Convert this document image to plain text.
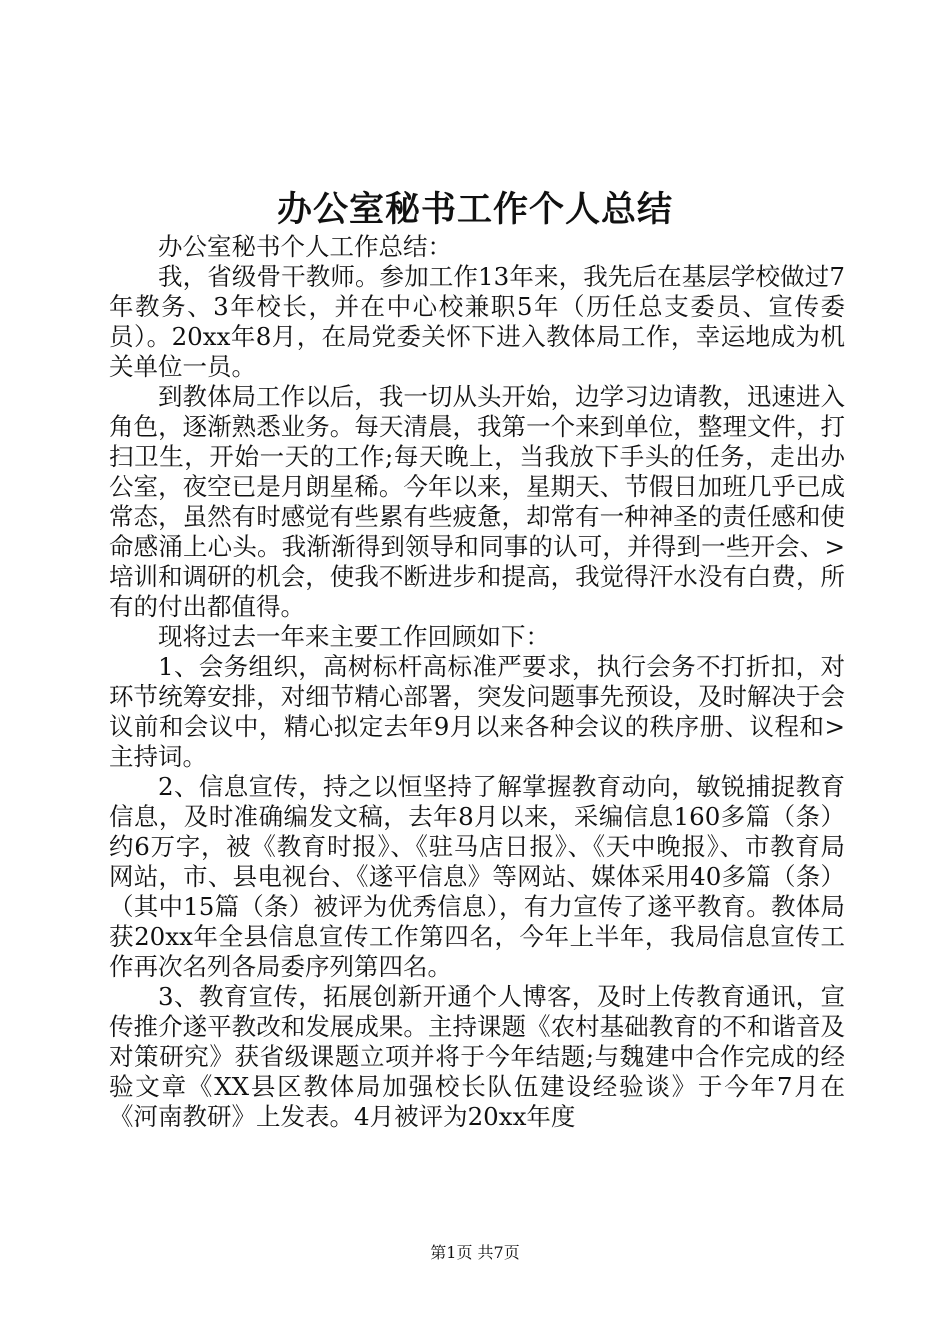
办公室秘书工作个人总结

办公室秘书个人工作总结：

我，省级骨干教师。参加工作13年来，我先后在基层学校做过7年教务、3年校长，并在中心校兼职5年（历任总支委员、宣传委员）。20xx年8月，在局党委关怀下进入教体局工作，幸运地成为机关单位一员。

到教体局工作以后，我一切从头开始，边学习边请教，迅速进入角色，逐渐熟悉业务。每天清晨，我第一个来到单位，整理文件，打扫卫生，开始一天的工作;每天晚上，当我放下手头的任务，走出办公室，夜空已是月朗星稀。今年以来，星期天、节假日加班几乎已成常态，虽然有时感觉有些累有些疲惫，却常有一种神圣的责任感和使命感涌上心头。我渐渐得到领导和同事的认可，并得到一些开会、>培训和调研的机会，使我不断进步和提高，我觉得汗水没有白费，所有的付出都值得。

现将过去一年来主要工作回顾如下：

1、会务组织，高树标杆高标准严要求，执行会务不打折扣，对环节统筹安排，对细节精心部署，突发问题事先预设，及时解决于会议前和会议中，精心拟定去年9月以来各种会议的秩序册、议程和>主持词。

2、信息宣传，持之以恒坚持了解掌握教育动向，敏锐捕捉教育信息，及时准确编发文稿，去年8月以来，采编信息160多篇（条）约6万字，被《教育时报》、《驻马店日报》、《天中晚报》、市教育局网站，市、县电视台、《遂平信息》等网站、媒体采用40多篇（条）（其中15篇（条）被评为优秀信息），有力宣传了遂平教育。教体局获20xx年全县信息宣传工作第四名，今年上半年，我局信息宣传工作再次名列各局委序列第四名。

3、教育宣传，拓展创新开通个人博客，及时上传教育通讯，宣传推介遂平教改和发展成果。主持课题《农村基础教育的不和谐音及对策研究》获省级课题立项并将于今年结题;与魏建中合作完成的经验文章《XX县区教体局加强校长队伍建设经验谈》于今年7月在《河南教研》上发表。4月被评为20xx年度

第1页 共7页
